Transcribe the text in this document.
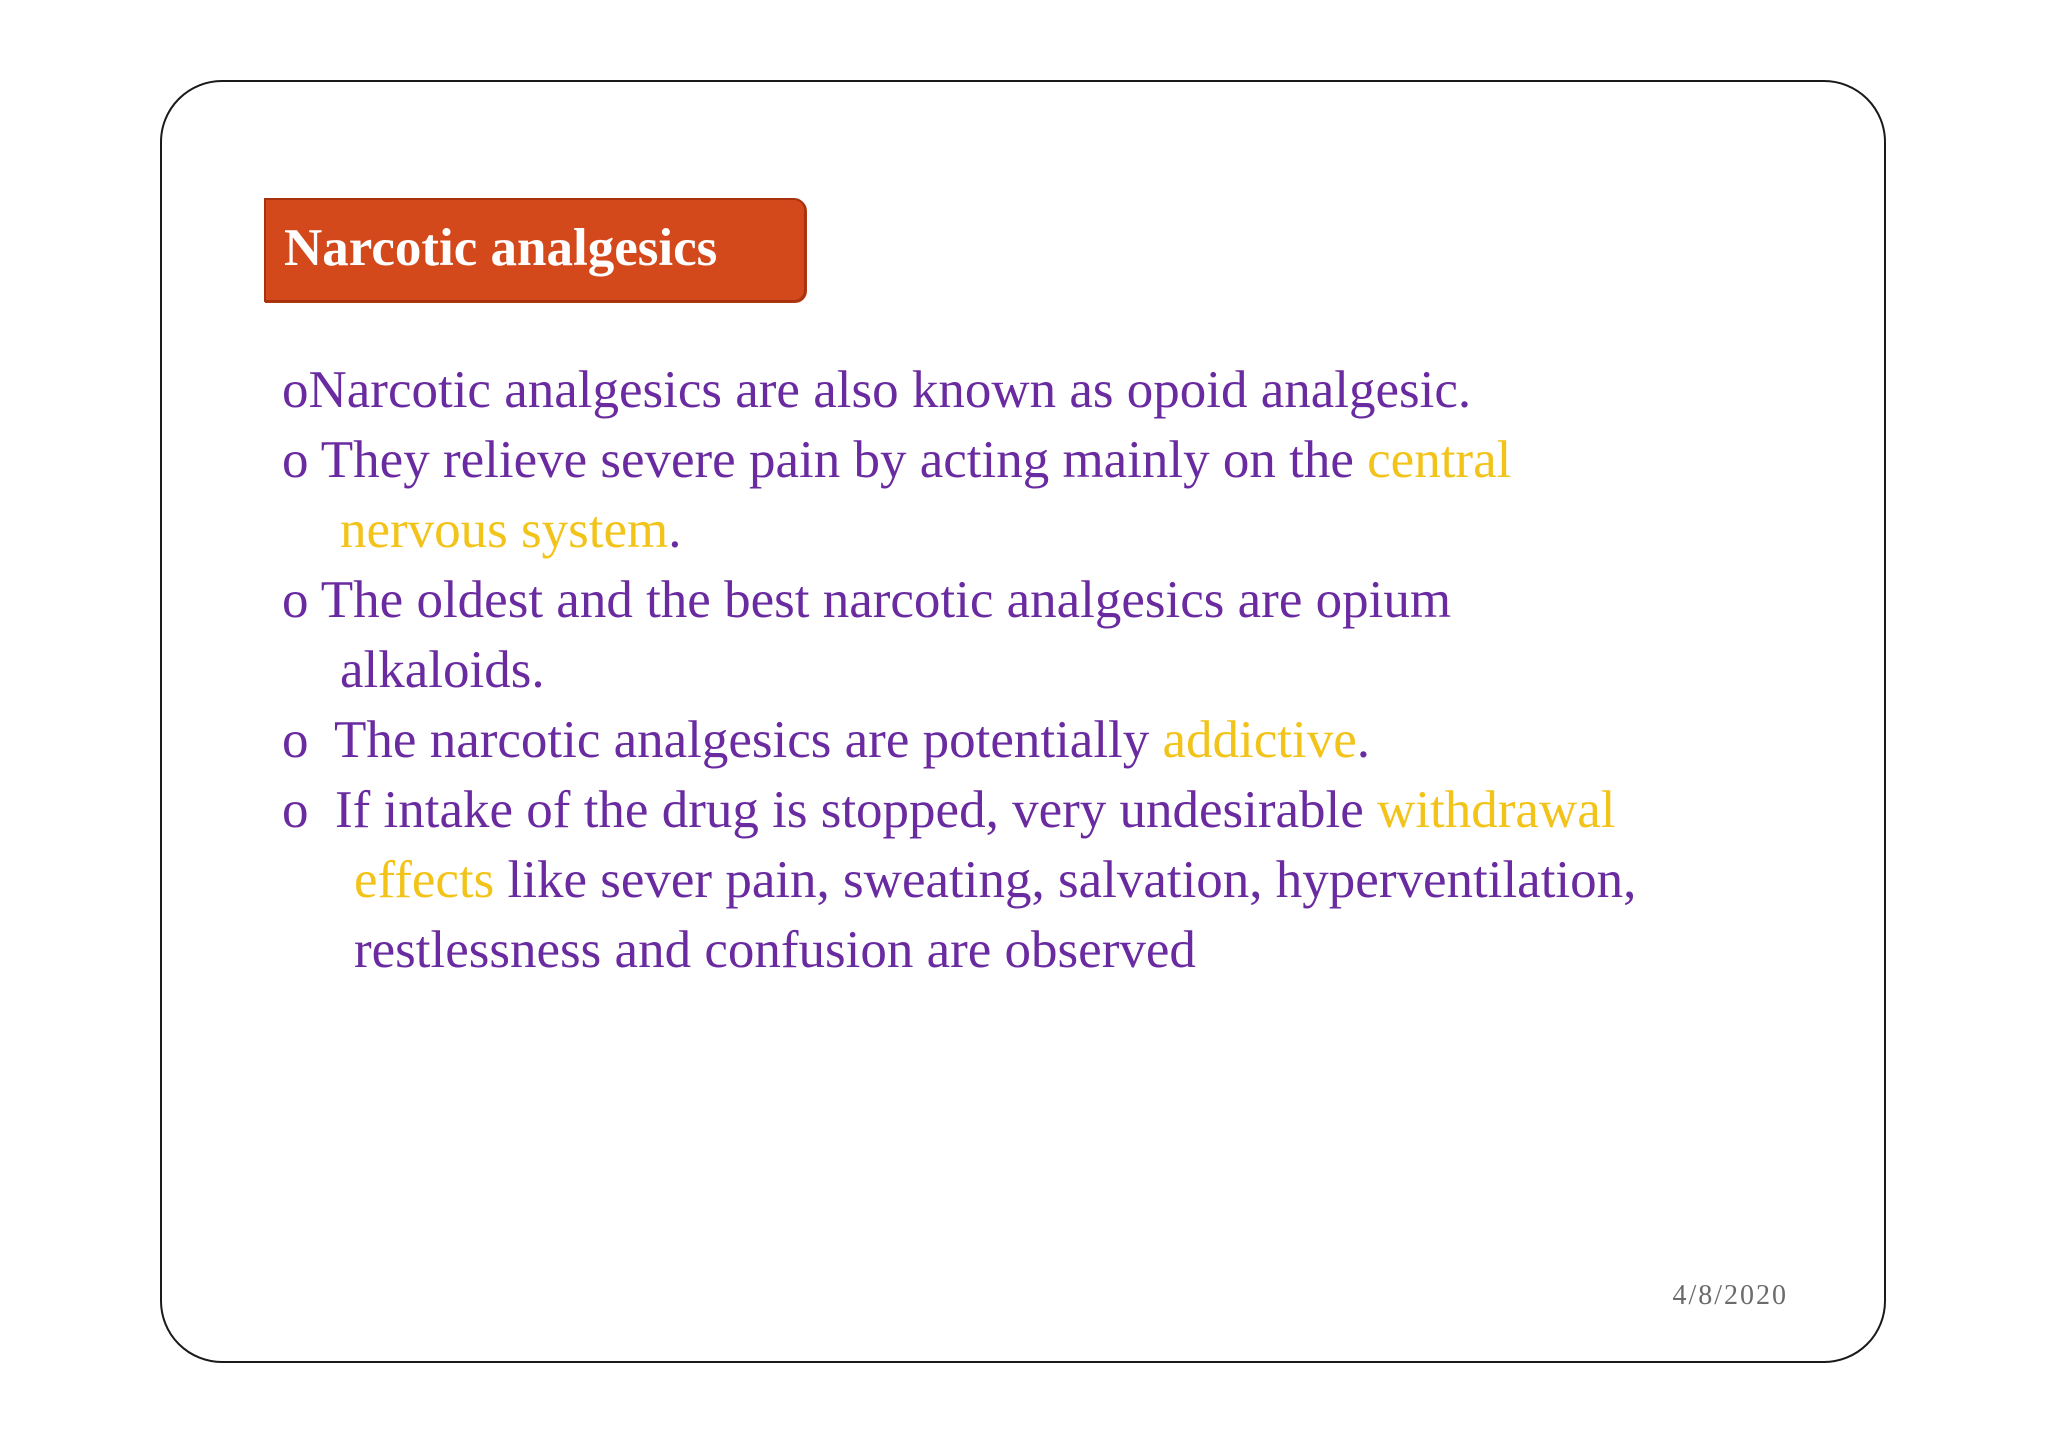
Narcotic analgesics
oNarcotic analgesics are also known as opoid analgesic.
o They relieve severe pain by acting mainly on the central
nervous system.
o The oldest and the best narcotic analgesics are opium
alkaloids.
o  The narcotic analgesics are potentially addictive.
o  If intake of the drug is stopped, very undesirable withdrawal
effects like sever pain, sweating, salvation, hyperventilation,
restlessness and confusion are observed
4/8/2020
